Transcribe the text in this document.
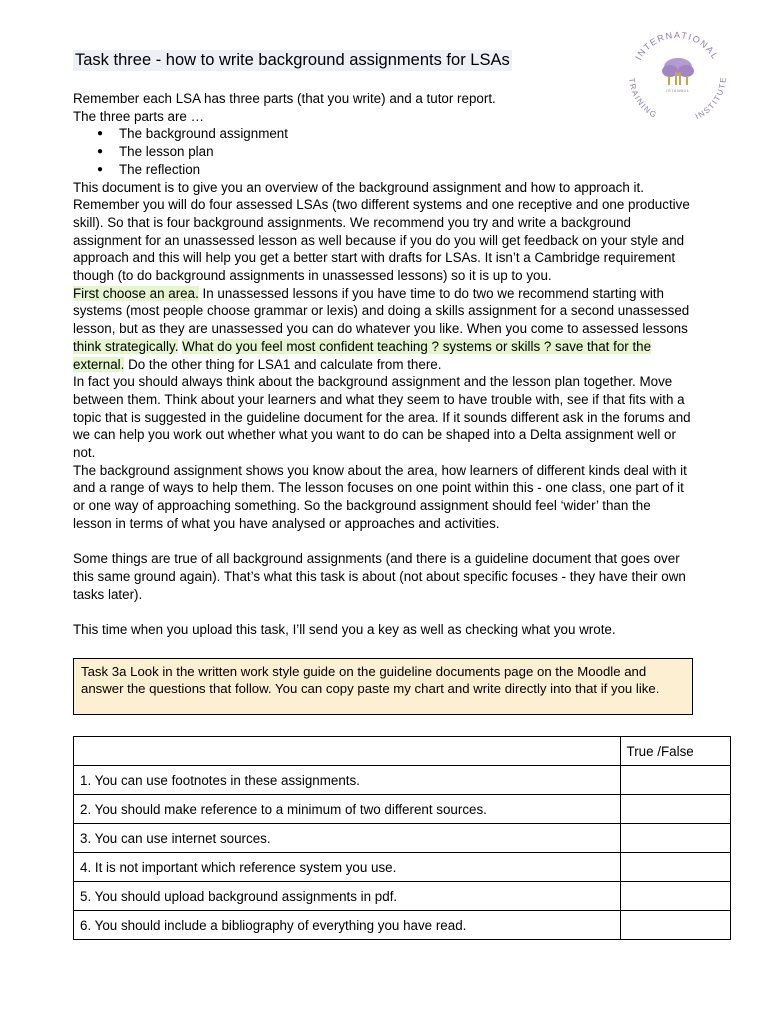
Task three - how to write background assignments for LSAs	INTERNATIONAL
TRAINING	INSTITUTE
ISTANBUL

Remember each LSA has three parts (that you write) and a tutor report.

The three parts are …

● The background assignment
● The lesson plan
● The reflection

This document is to give you an overview of the background assignment and how to approach it. Remember you will do four assessed LSAs (two different systems and one receptive and one productive skill). So that is four background assignments. We recommend you try and write a background assignment for an unassessed lesson as well because if you do you will get feedback on your style and approach and this will help you get a better start with drafts for LSAs. It isn’t a Cambridge requirement though (to do background assignments in unassessed lessons) so it is up to you.

First choose an area. In unassessed lessons if you have time to do two we recommend starting with systems (most people choose grammar or lexis) and doing a skills assignment for a second unassessed lesson, but as they are unassessed you can do whatever you like. When you come to assessed lessons think strategically. What do you feel most confident teaching ? systems or skills ? save that for the external. Do the other thing for LSA1 and calculate from there.

In fact you should always think about the background assignment and the lesson plan together. Move between them. Think about your learners and what they seem to have trouble with, see if that fits with a topic that is suggested in the guideline document for the area. If it sounds different ask in the forums and we can help you work out whether what you want to do can be shaped into a Delta assignment well or not.

The background assignment shows you know about the area, how learners of different kinds deal with it and a range of ways to help them. The lesson focuses on one point within this - one class, one part of it or one way of approaching something. So the background assignment should feel ‘wider’ than the lesson in terms of what you have analysed or approaches and activities.

Some things are true of all background assignments (and there is a guideline document that goes over this same ground again). That’s what this task is about (not about specific focuses - they have their own tasks later).

This time when you upload this task, I’ll send you a key as well as checking what you wrote.

Task 3a Look in the written work style guide on the guideline documents page on the Moodle and answer the questions that follow. You can copy paste my chart and write directly into that if you like.
	True /False
1. You can use footnotes in these assignments.	
2. You should make reference to a minimum of two different sources.	
3. You can use internet sources.	
4. It is not important which reference system you use.	
5. You should upload background assignments in pdf.	
6. You should include a bibliography of everything you have read.	
